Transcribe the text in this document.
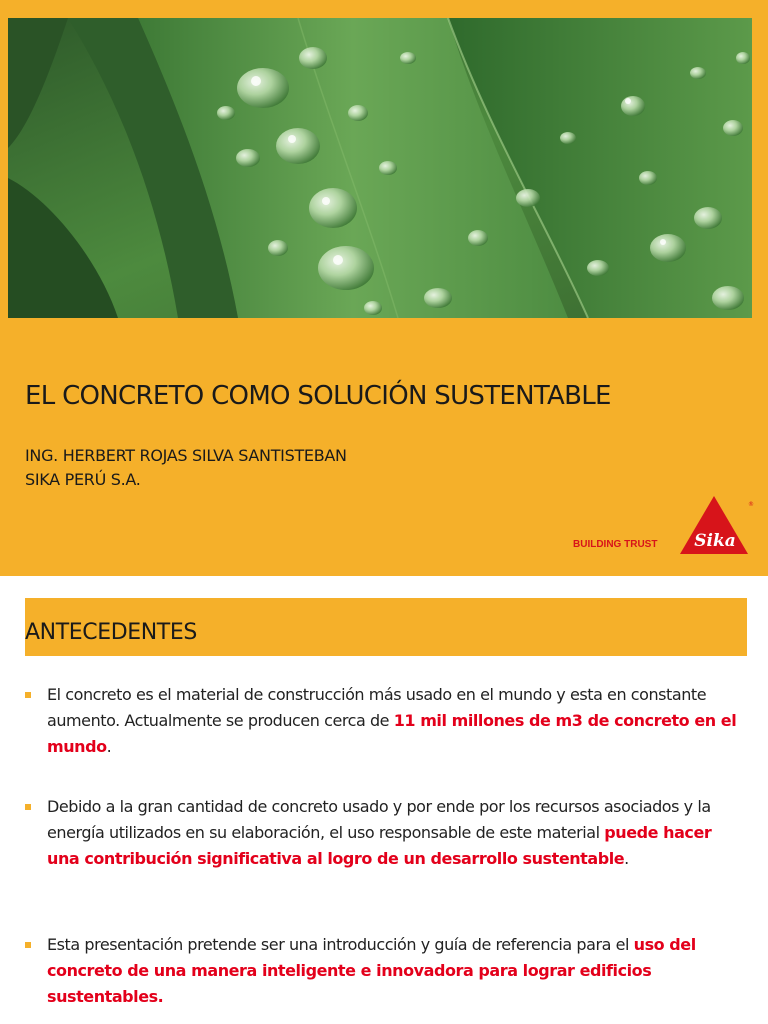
EL CONCRETO COMO SOLUCIÓN SUSTENTABLE
ING. HERBERT ROJAS SILVA SANTISTEBAN
SIKA PERÚ S.A.
BUILDING TRUST Sika
®
ANTECEDENTES
El concreto es el material de construcción más usado en el mundo y esta en constante aumento. Actualmente se producen cerca de 11 mil millones de m3 de concreto en el mundo.
Debido a la gran cantidad de concreto usado y por ende por los recursos asociados y la energía utilizados en su elaboración, el uso responsable de este material puede hacer una contribución significativa al logro de un desarrollo sustentable.
Esta presentación pretende ser una introducción y guía de referencia para el uso del concreto de una manera inteligente e innovadora para lograr edificios sustentables.
